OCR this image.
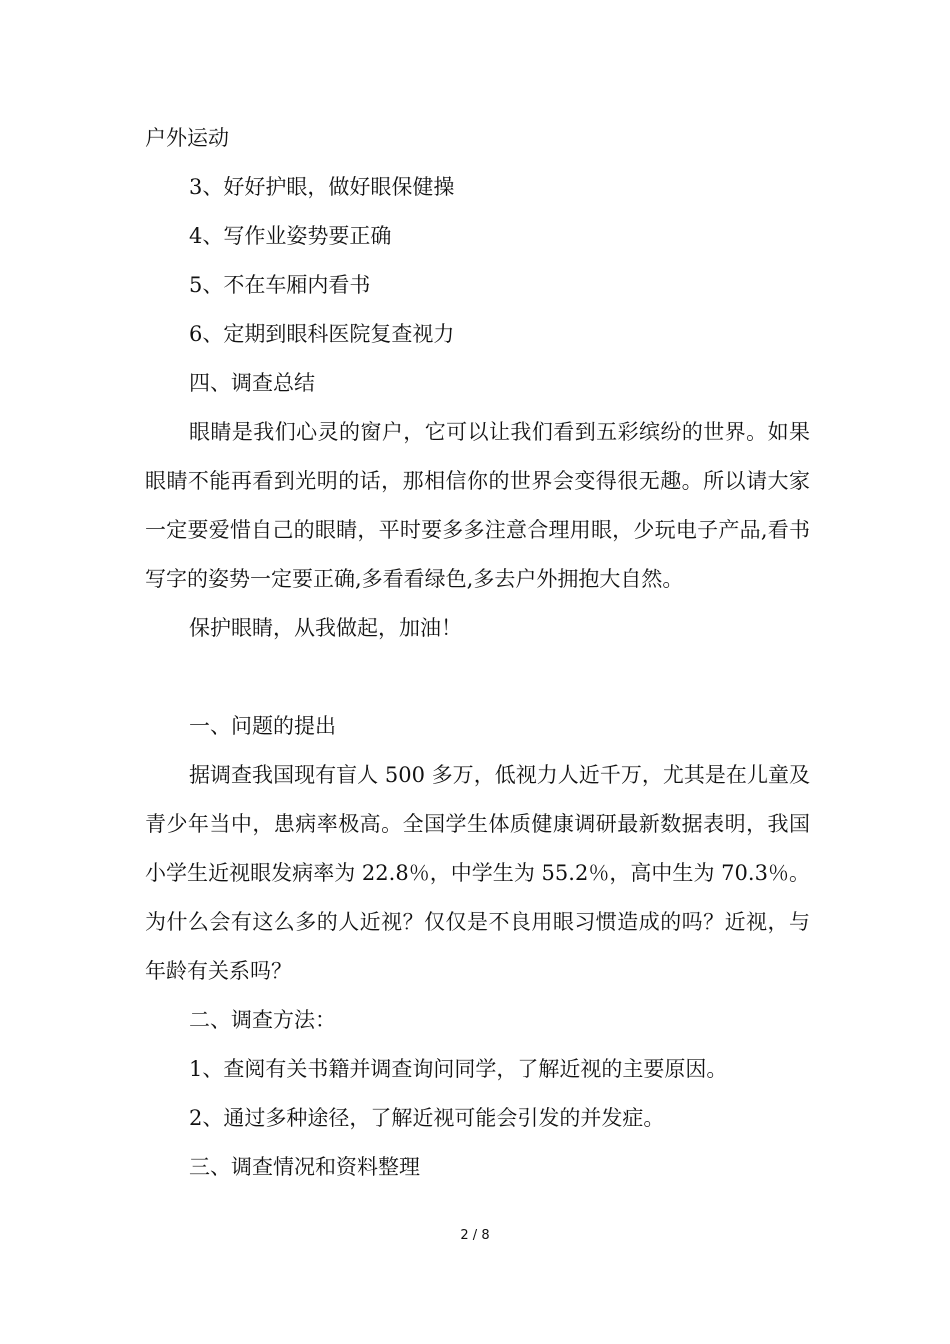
户外运动
3、好好护眼，做好眼保健操
4、写作业姿势要正确
5、不在车厢内看书
6、定期到眼科医院复查视力
四、调查总结
眼睛是我们心灵的窗户，它可以让我们看到五彩缤纷的世界。如果眼睛不能再看到光明的话，那相信你的世界会变得很无趣。所以请大家一定要爱惜自己的眼睛，平时要多多注意合理用眼，少玩电子产品,看书写字的姿势一定要正确,多看看绿色,多去户外拥抱大自然。
保护眼睛，从我做起，加油！
一、问题的提出
据调查我国现有盲人 500 多万，低视力人近千万，尤其是在儿童及青少年当中，患病率极高。全国学生体质健康调研最新数据表明，我国小学生近视眼发病率为 22.8％，中学生为 55.2％，高中生为 70.3％。为什么会有这么多的人近视？仅仅是不良用眼习惯造成的吗？近视，与年龄有关系吗？
二、调查方法：
1、查阅有关书籍并调查询问同学，了解近视的主要原因。
2、通过多种途径，了解近视可能会引发的并发症。
三、调查情况和资料整理
2 / 8
